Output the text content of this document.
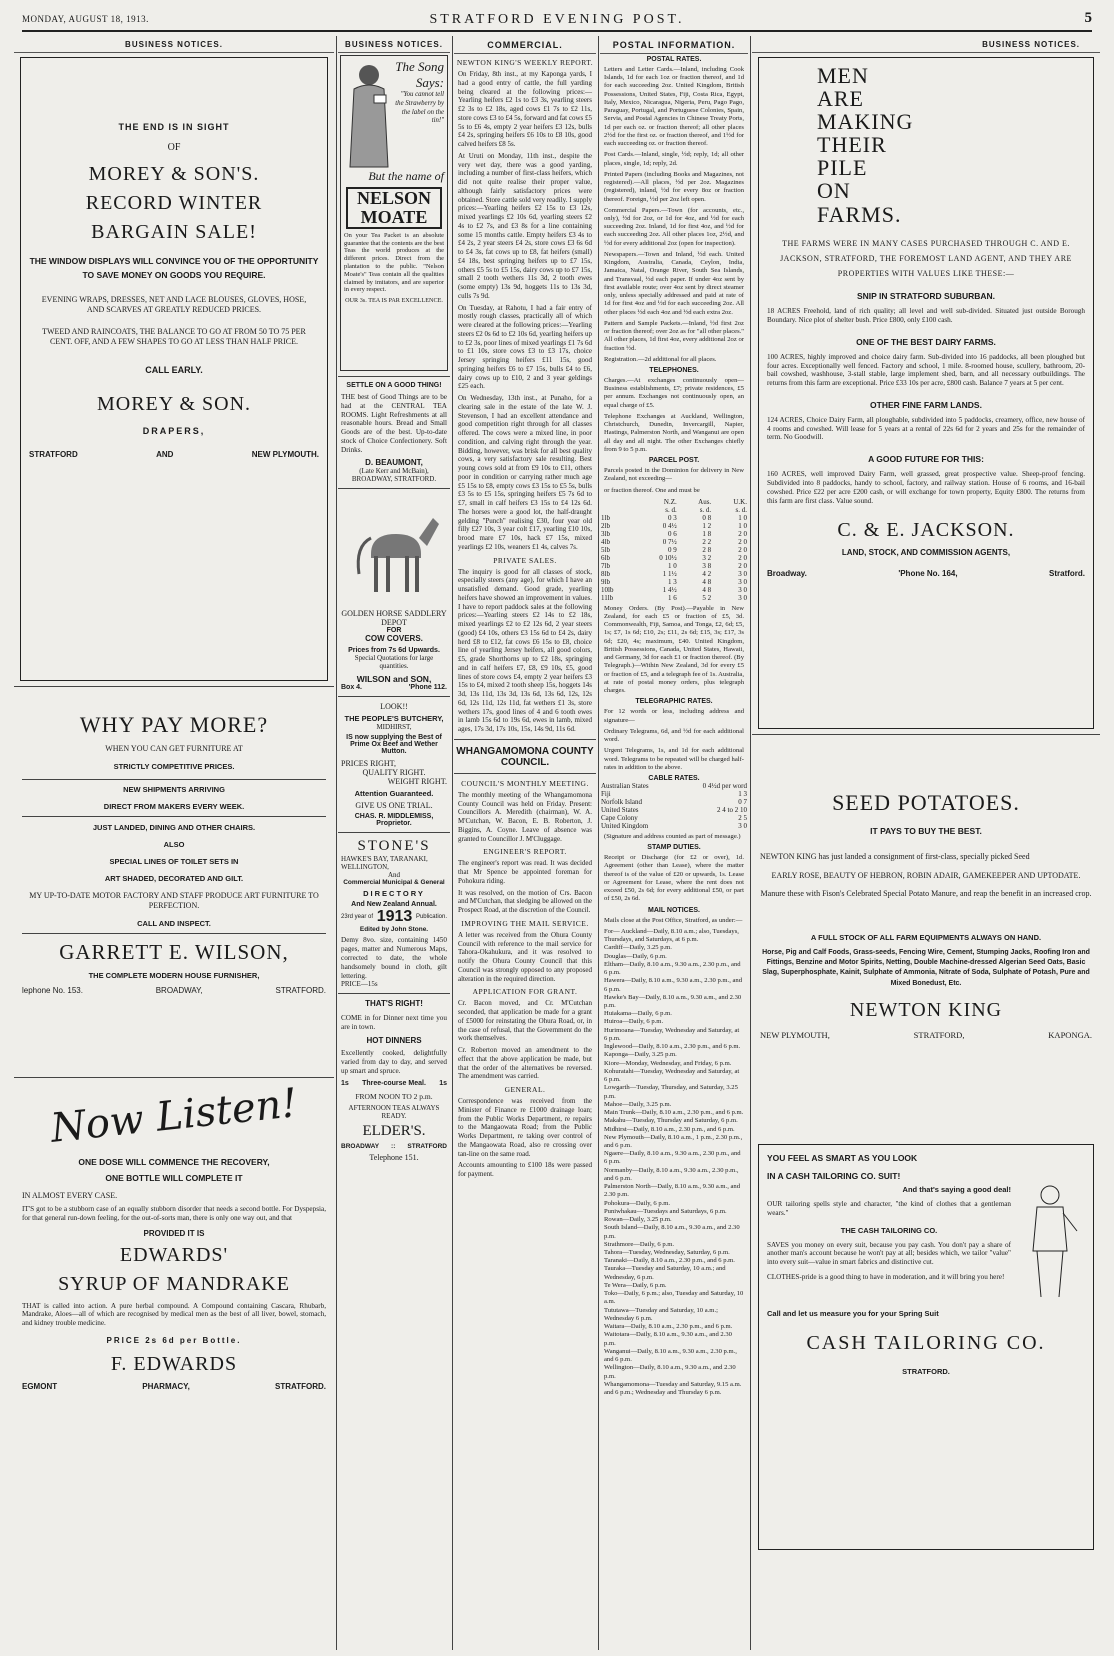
MONDAY, AUGUST 18, 1913.	STRATFORD EVENING POST.	5
BUSINESS NOTICES.
THE END IS IN SIGHT
OF
MOREY & SON'S.
RECORD WINTER
BARGAIN SALE!
THE WINDOW DISPLAYS WILL CONVINCE YOU OF THE OPPORTUNITY TO SAVE MONEY ON GOODS YOU REQUIRE.
EVENING WRAPS, DRESSES, NET AND LACE BLOUSES, GLOVES, HOSE, AND SCARVES AT GREATLY REDUCED PRICES.
TWEED AND RAINCOATS, THE BALANCE TO GO AT FROM 50 TO 75 PER CENT. OFF, AND A FEW SHAPES TO GO AT LESS THAN HALF PRICE.
CALL EARLY.
MOREY & SON.
DRAPERS,
STRATFORD	AND	NEW PLYMOUTH.
WHY PAY MORE?
WHEN YOU CAN GET FURNITURE AT
STRICTLY COMPETITIVE PRICES.
NEW SHIPMENTS ARRIVING
DIRECT FROM MAKERS EVERY WEEK.
JUST LANDED, DINING AND OTHER CHAIRS.
ALSO
SPECIAL LINES OF TOILET SETS IN
ART SHADED, DECORATED AND GILT.
MY UP-TO-DATE MOTOR FACTORY AND STAFF PRODUCE ART FURNITURE TO PERFECTION.
CALL AND INSPECT.
GARRETT E. WILSON,
THE COMPLETE MODERN HOUSE FURNISHER,
lephone No. 153.	BROADWAY,	STRATFORD.
Now Listen!
ONE DOSE WILL COMMENCE THE RECOVERY,
ONE BOTTLE WILL COMPLETE IT
IN ALMOST EVERY CASE.
IT'S got to be a stubborn case of an equally stubborn disorder that needs a second bottle. For Dyspepsia, for that general run-down feeling, for the out-of-sorts man, there is only one way out, and that
PROVIDED IT IS
EDWARDS'
SYRUP OF MANDRAKE
THAT is called into action. A pure herbal compound. A Compound containing Cascara, Rhubarb, Mandrake, Aloes—all of which are recognised by medical men as the best of all liver, bowel, stomach, and kidney trouble medicine.
PRICE 2s 6d per Bottle.
F. EDWARDS
EGMONT	PHARMACY,	STRATFORD.
BUSINESS NOTICES.
The Song Says:
"You cannot tell the Strawberry by the label on the tin!"
But the name of
NELSON MOATE
On your Tea Packet is an absolute guarantee that the contents are the best Teas the world produces at the different prices. Direct from the plantation to the public. "Nelson Moate's" Teas contain all the qualities claimed by imitators, and are superior in every respect.
OUR 3s. TEA IS PAR EXCELLENCE.
SETTLE ON A GOOD THING!
THE best of Good Things are to be had at the CENTRAL TEA ROOMS. Light Refreshments at all reasonable hours. Bread and Small Goods are of the best. Up-to-date stock of Choice Confectionery. Soft Drinks.
D. BEAUMONT,
(Late Kerr and McBain),
BROADWAY, STRATFORD.
GOLDEN HORSE SADDLERY DEPOT
FOR
COW COVERS.
Prices from 7s 6d Upwards.
Special Quotations for large quantities.
WILSON and SON,
Box 4.	'Phone 112.
LOOK!!
THE PEOPLE'S BUTCHERY,
MIDHIRST,
IS now supplying the Best of Prime Ox Beef and Wether Mutton.
PRICES RIGHT,
QUALITY RIGHT.
WEIGHT RIGHT.
Attention Guaranteed.
GIVE US ONE TRIAL.
CHAS. R. MIDDLEMISS,
Proprietor.
STONE'S
HAWKE'S BAY, TARANAKI, WELLINGTON,
And
Commercial Municipal & General
DIRECTORY
And New Zealand Annual.
23rd year of 1913 Publication.
Edited by John Stone.
Demy 8vo. size, containing 1450 pages, matter and Numerous Maps, corrected to date, the whole handsomely bound in cloth, gilt lettering.
PRICE—15s
THAT'S RIGHT!
COME in for Dinner next time you are in town.
HOT DINNERS
Excellently cooked, delightfully varied from day to day, and served up smart and spruce.
1s Three-course Meal. 1s
FROM NOON TO 2 p.m.
AFTERNOON TEAS ALWAYS READY.
ELDER'S.
BROADWAY :: STRATFORD
Telephone 151.
COMMERCIAL.
NEWTON KING'S WEEKLY REPORT.

On Friday, 8th inst., at my Kaponga yards, I had a good entry of cattle, the full yarding being cleared at the following prices:—Yearling heifers £2 1s to £3 3s, yearling steers £2 3s to £2 18s, aged cows £1 7s to £2 11s, store cows £3 to £4 5s, forward and fat cows £5 5s to £6 4s, empty 2 year heifers £3 12s, bulls £4 2s, springing heifers £6 10s to £8 10s, good calved heifers £8 5s.

At Uruti on Monday, 11th inst., despite the very wet day, there was a good yarding, including a number of first-class heifers, which did not quite realise their proper value, although fairly satisfactory prices were obtained. Store cattle sold very readily. I supply prices:—Yearling heifers £2 15s to £3 12s, mixed yearlings £2 10s 6d, yearling steers £2 4s to £2 7s, and £3 8s for a line containing some 15 months cattle. Empty heifers £3 4s to £4 2s, 2 year steers £4 2s, store cows £3 6s 6d to £4 3s, fat cows up to £8, fat heifers (small) £4 18s, best springing heifers up to £7 15s, others £5 5s to £5 15s, dairy cows up to £7 15s, small 2 tooth wethers 11s 3d, 2 tooth ewes (some empty) 13s 9d, hoggets 11s to 13s 3d, culls 7s 9d.

On Tuesday, at Rahotu, I had a fair entry of mostly rough classes, practically all of which were cleared at the following prices:—Yearling steers £2 0s 6d to £2 10s 6d, yearling heifers up to £2 3s, poor lines of mixed yearlings £1 7s 6d to £1 10s, store cows £3 to £3 17s, choice Jersey springing heifers £11 15s, good springing heifers £6 to £7 15s, bulls £4 to £6, dairy cows up to £10, 2 and 3 year geldings £25 each.

On Wednesday, 13th inst., at Punaho, for a clearing sale in the estate of the late W. J. Stevenson, I had an excellent attendance and good competition right through for all classes offered. The cows were a mixed line, in poor condition, and calving right through the year. Bidding, however, was brisk for all best quality cows, a very satisfactory sale resulting. Best young cows sold at from £9 10s to £11, others poor in condition or carrying rather much age £5 15s to £8, empty cows £3 15s to £5 5s, bulls £3 5s to £5 15s, springing heifers £5 7s 6d to £7, small in calf heifers £3 15s to £4 12s 6d. The horses were a good lot, the half-draught gelding "Punch" realising £30, four year old filly £27 10s, 3 year colt £17, yearling £10 10s, brood mare £7 10s, hack £7 15s, mixed yearlings £2 10s, weaners £1 4s, calves 7s.

PRIVATE SALES.

The inquiry is good for all classes of stock, especially steers (any age), for which I have an unsatisfied demand. Good grade, yearling heifers have showed an improvement in values. I have to report paddock sales at the following prices:—Yearling steers £2 14s to £2 18s, mixed yearlings £2 to £2 12s 6d, 2 year steers (good) £4 10s, others £3 15s 6d to £4 2s, dairy herd £8 to £12, fat cows £6 15s to £8, choice line of yearling Jersey heifers, all good colors, £5, grade Shorthorns up to £2 18s, springing and in calf heifers £7, £8, £9 10s, £5, good lines of store cows £4, empty 2 year heifers £3 15s to £4, mixed 2 tooth sheep 15s, hoggets 14s 3d, 13s 11d, 13s 3d, 13s 6d, 13s 6d, 12s, 12s 6d, 12s 11d, 12s 11d, fat wethers £1 3s, store wethers 17s, good lines of 4 and 6 tooth ewes in lamb 15s 6d to 19s 6d, ewes in lamb, mixed ages, 17s 3d, 17s 10s, 15s, 14s 9d, 11s 6d.

WHANGAMOMONA COUNTY COUNCIL.
COUNCIL'S MONTHLY MEETING.

The monthly meeting of the Whangamomona County Council was held on Friday. Present: Councillors A. Meredith (chairman), W. A. M'Cutchan, W. Bacon, E. B. Roberton, J. Biggins, A. Coyne. Leave of absence was granted to Councillor J. M'Cluggage.

ENGINEER'S REPORT.

The engineer's report was read. It was decided that Mr Spence be appointed foreman for Pohokura riding.

It was resolved, on the motion of Crs. Bacon and M'Cutchan, that sledging be allowed on the Prospect Road, at the discretion of the Council.

IMPROVING THE MAIL SERVICE.

A letter was received from the Ohura County Council with reference to the mail service for Tahora-Okahukura, and it was resolved to notify the Ohura County Council that this Council was strongly opposed to any proposed alteration in the required direction.

APPLICATION FOR GRANT.

Cr. Bacon moved, and Cr. M'Cutchan seconded, that application be made for a grant of £5000 for reinstating the Ohura Road, or, in the case of refusal, that the Government do the work themselves.

Cr. Roberton moved an amendment to the effect that the above application be made, but that the order of the alternatives be reversed. The amendment was carried.

GENERAL.

Correspondence was received from the Minister of Finance re £1000 drainage loan; from the Public Works Department, re repairs to the Mangaowata Road; from the Public Works Department, re taking over control of the Mangaowata Road, also re crossing over tan-line on the same road.

Accounts amounting to £100 18s were passed for payment.

POSTAL INFORMATION.
POSTAL RATES.

Letters and Letter Cards.—Inland, including Cook Islands, 1d for each 1oz or fraction thereof, and 1d for each succeeding 2oz. United Kingdom, British Possessions, United States, Fiji, Costa Rica, Egypt, Italy, Mexico, Nicaragua, Nigeria, Peru, Pago Pago, Paraguay, Portugal, and Portuguese Colonies, Spain, Servia, and Postal Agencies in Chinese Treaty Ports, 1d per each oz. or fraction thereof; all other places 2½d for the first oz. or fraction thereof, and 1½d for each succeeding oz. or fraction thereof.

Post Cards.—Inland, single, ½d; reply, 1d; all other places, single, 1d; reply, 2d.

Printed Papers (including Books and Magazines, not registered).—All places, ½d per 2oz. Magazines (registered), inland, ½d for every 8oz or fraction thereof. Foreign, ½d per 2oz left open.

Commercial Papers.—Town (for accounts, etc., only), ½d for 2oz, or 1d for 4oz, and ½d for each succeeding 2oz. Inland, 1d for first 4oz, and ½d for each succeeding 2oz. All other places 1oz, 2½d, and ½d for every additional 2oz (open for inspection).

Newspapers.—Town and Inland, ½d each. United Kingdom, Australia, Canada, Ceylon, India, Jamaica, Natal, Orange River, South Sea Islands, and Transvaal, ½d each paper. If under 4oz sent by first available route; over 4oz sent by direct steamer only, unless specially addressed and paid at rate of 1d for first 4oz and ½d for each succeeding 2oz. All other places ½d each 4oz and ½d each extra 2oz.

Pattern and Sample Packets.—Inland, ½d first 2oz or fraction thereof; over 2oz as for "all other places." All other places, 1d first 4oz, every additional 2oz or fraction ½d.

Registration.—2d additional for all places.

TELEPHONES.

Charges.—At exchanges continuously open—Business establishments, £7; private residences, £5 per annum. Exchanges not continuously open, an equal charge of £5.

Telephone Exchanges at Auckland, Wellington, Christchurch, Dunedin, Invercargill, Napier, Hastings, Palmerston North, and Wanganui are open all day and all night. The other Exchanges chiefly from 9 to 5 p.m.

PARCEL POST.

Parcels posted in the Dominion for delivery in New Zealand, not exceeding—

or fraction thereof. One and must be

	N.Z.	Aus.	U.K.
	s. d.	s. d.	s. d.
1lb	0 3	0 8	1 0
2lb	0 4½	1 2	1 0
3lb	0 6	1 8	2 0
4lb	0 7½	2 2	2 0
5lb	0 9	2 8	2 0
6lb	0 10½	3 2	2 0
7lb	1 0	3 8	2 0
8lb	1 1½	4 2	3 0
9lb	1 3	4 8	3 0
10lb	1 4½	4 8	3 0
11lb	1 6	5 2	3 0

Money Orders. (By Post).—Payable in New Zealand, for each £5 or fraction of £5, 3d. Commonwealth, Fiji, Samoa, and Tonga, £2, 6d; £5, 1s; £7, 1s 6d; £10, 2s; £11, 2s 6d; £15, 3s; £17, 3s 6d; £20, 4s; maximum, £40. United Kingdom, British Possessions, Canada, United States, Hawaii, and Germany, 3d for each £1 or fraction thereof. (By Telegraph.)—Within New Zealand, 3d for every £5 or fraction of £5, and a telegraph fee of 1s. Australia, at rate of postal money orders, plus telegraph charges.

TELEGRAPHIC RATES.

For 12 words or less, including address and signature—

Ordinary Telegrams, 6d, and ½d for each additional word.

Urgent Telegrams, 1s, and 1d for each additional word. Telegrams to be repeated will be charged half-rates in addition to the above.

CABLE RATES.
Australian States	0 4½d per word
Fiji	1 3
Norfolk Island	0 7
United States	2 4 to 2 10
Cape Colony	2 5
United Kingdom	3 0

(Signature and address counted as part of message.)

STAMP DUTIES.

Receipt or Discharge (for £2 or over), 1d. Agreement (other than Lease), where the matter thereof is of the value of £20 or upwards, 1s. Lease or Agreement for Lease, where the rent does not exceed £50, 2s 6d; for every additional £50, or part of £50, 2s 6d.

MAIL NOTICES.

Mails close at the Post Office, Stratford, as under:—

For— Auckland—Daily, 8.10 a.m.; also, Tuesdays, Thursdays, and Saturdays, at 6 p.m.
Cardiff—Daily, 3.25 p.m.
Douglas—Daily, 6 p.m.
Eltham—Daily, 8.10 a.m., 9.30 a.m., 2.30 p.m., and 6 p.m.
Hawera—Daily, 8.10 a.m., 9.30 a.m., 2.30 p.m., and 6 p.m.
Hawke's Bay—Daily, 8.10 a.m., 9.30 a.m., and 2.30 p.m.
Huiakama—Daily, 6 p.m.
Huiroa—Daily, 6 p.m.
Hurimoana—Tuesday, Wednesday and Saturday, at 6 p.m.
Inglewood—Daily, 8.10 a.m., 2.30 p.m., and 6 p.m.
Kaponga—Daily, 3.25 p.m.
Kiore—Monday, Wednesday, and Friday, 6 p.m.
Kohuratahi—Tuesday, Wednesday and Saturday, at 6 p.m.
Lowgarth—Tuesday, Thursday, and Saturday, 3.25 p.m.
Mahoe—Daily, 3.25 p.m.
Main Trunk—Daily, 8.10 a.m., 2.30 p.m., and 6 p.m.
Makahu—Tuesday, Thursday and Saturday, 6 p.m.
Midhirst—Daily, 8.10 a.m., 2.30 p.m., and 6 p.m.
New Plymouth—Daily, 8.10 a.m., 1 p.m., 2.30 p.m., and 6 p.m.
Ngaere—Daily, 8.10 a.m., 9.30 a.m., 2.30 p.m., and 6 p.m.
Normanby—Daily, 8.10 a.m., 9.30 a.m., 2.30 p.m., and 6 p.m.
Palmerston North—Daily, 8.10 a.m., 9.30 a.m., and 2.30 p.m.
Pohokura—Daily, 6 p.m.
Puniwhakau—Tuesdays and Saturdays, 6 p.m.
Rowan—Daily, 3.25 p.m.
South Island—Daily, 8.10 a.m., 9.30 a.m., and 2.30 p.m.
Strathmore—Daily, 6 p.m.
Tahora—Tuesday, Wednesday, Saturday, 6 p.m.
Taranaki—Daily, 8.10 a.m., 2.30 p.m., and 6 p.m.
Tauraka—Tuesday and Saturday, 10 a.m.; and Wednesday, 6 p.m.
Te Wera—Daily, 6 p.m.
Toko—Daily, 6 p.m.; also, Tuesday and Saturday, 10 a.m.
Tututawa—Tuesday and Saturday, 10 a.m.; Wednesday 6 p.m.
Waitara—Daily, 8.10 a.m., 2.30 p.m., and 6 p.m.
Waitotara—Daily, 8.10 a.m., 9.30 a.m., and 2.30 p.m.
Wanganui—Daily, 8.10 a.m., 9.30 a.m., 2.30 p.m., and 6 p.m.
Wellington—Daily, 8.10 a.m., 9.30 a.m., and 2.30 p.m.
Whangamomona—Tuesday and Saturday, 9.15 a.m. and 6 p.m.; Wednesday and Thursday 6 p.m.
BUSINESS NOTICES.
MEN
ARE
MAKING
THEIR
PILE
ON
FARMS.
THE FARMS WERE IN MANY CASES PURCHASED THROUGH C. AND E. JACKSON, STRATFORD, THE FOREMOST LAND AGENT, AND THEY ARE PROPERTIES WITH VALUES LIKE THESE:—
SNIP IN STRATFORD SUBURBAN.
18 ACRES Freehold, land of rich quality; all level and well sub-divided. Situated just outside Borough Boundary. Nice plot of shelter bush. Price £800, only £100 cash.
ONE OF THE BEST DAIRY FARMS.
100 ACRES, highly improved and choice dairy farm. Sub-divided into 16 paddocks, all been ploughed but four acres. Exceptionally well fenced. Factory and school, 1 mile. 8-roomed house, scullery, bathroom, 20-bail cowshed, washhouse, 3-stall stable, large implement shed, barn, and all necessary outbuildings. The returns from this farm are exceptional. Price £33 10s per acre, £800 cash. Balance 7 years at 5 per cent.
OTHER FINE FARM LANDS.
124 ACRES, Choice Dairy Farm, all ploughable, subdivided into 5 paddocks, creamery, office, new house of 4 rooms and cowshed. Will lease for 5 years at a rental of 22s 6d for 2 years and 25s for the remainder of term. No Goodwill.
A GOOD FUTURE FOR THIS:
160 ACRES, well improved Dairy Farm, well grassed, great prospective value. Sheep-proof fencing. Subdivided into 8 paddocks, handy to school, factory, and railway station. House of 6 rooms, and 16-bail cowshed. Price £22 per acre £200 cash, or will exchange for town property, Equity £800. The returns from this farm are first class. Value sound.
C. & E. JACKSON.
LAND, STOCK, AND COMMISSION AGENTS,
Broadway.	'Phone No. 164,	Stratford.
SEED POTATOES.
IT PAYS TO BUY THE BEST.
NEWTON KING has just landed a consignment of first-class, specially picked Seed
EARLY ROSE, BEAUTY OF HEBRON, ROBIN ADAIR, GAMEKEEPER AND UPTODATE.
Manure these with Fison's Celebrated Special Potato Manure, and reap the benefit in an increased crop.
A FULL STOCK OF ALL FARM EQUIPMENTS ALWAYS ON HAND.
Horse, Pig and Calf Foods, Grass-seeds, Fencing Wire, Cement, Stumping Jacks, Roofing Iron and Fittings, Benzine and Motor Spirits, Netting, Double Machine-dressed Algerian Seed Oats, Basic Slag, Superphosphate, Kainit, Sulphate of Ammonia, Nitrate of Soda, Sulphate of Potash, Pure and Mixed Bonedust, Etc.
NEWTON KING
NEW PLYMOUTH,	STRATFORD,	KAPONGA.
YOU FEEL AS SMART AS YOU LOOK
IN A CASH TAILORING CO. SUIT!
And that's saying a good deal!
OUR tailoring spells style and character, "the kind of clothes that a gentleman wears."
THE CASH TAILORING CO.
SAVES you money on every suit, because you pay cash. You don't pay a share of another man's account because he won't pay at all; besides which, we tailor "value" into every suit—value in smart fabrics and distinctive cut.
CLOTHES-pride is a good thing to have in moderation, and it will bring you here!
Call and let us measure you for your Spring Suit
CASH TAILORING CO.
STRATFORD.
